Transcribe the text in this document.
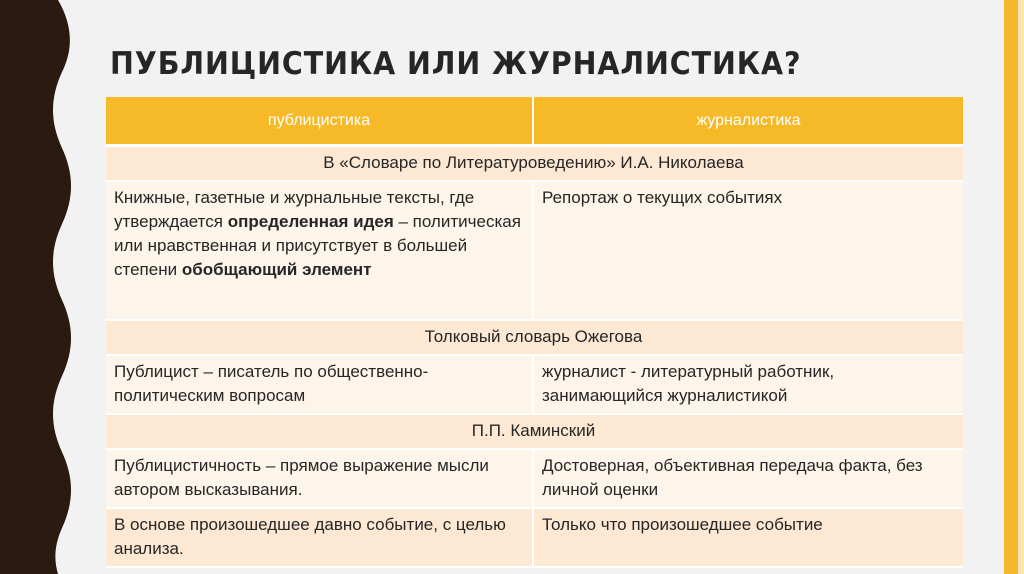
ПУБЛИЦИСТИКА ИЛИ ЖУРНАЛИСТИКА?
публицистика	журналистика
В «Словаре по Литературоведению» И.А. Николаева	
Книжные, газетные и журнальные тексты, где утверждается определенная идея – политическая или нравственная и присутствует в большей степени обобщающий элемент	Репортаж о текущих событиях
Толковый словарь Ожегова	
Публицист – писатель по общественно-политическим вопросам	журналист - литературный работник, занимающийся журналистикой
П.П. Каминский	
Публицистичность – прямое выражение мысли автором высказывания.	Достоверная, объективная передача факта, без личной оценки
В основе произошедшее давно событие, с целью анализа.	Только что произошедшее событие
